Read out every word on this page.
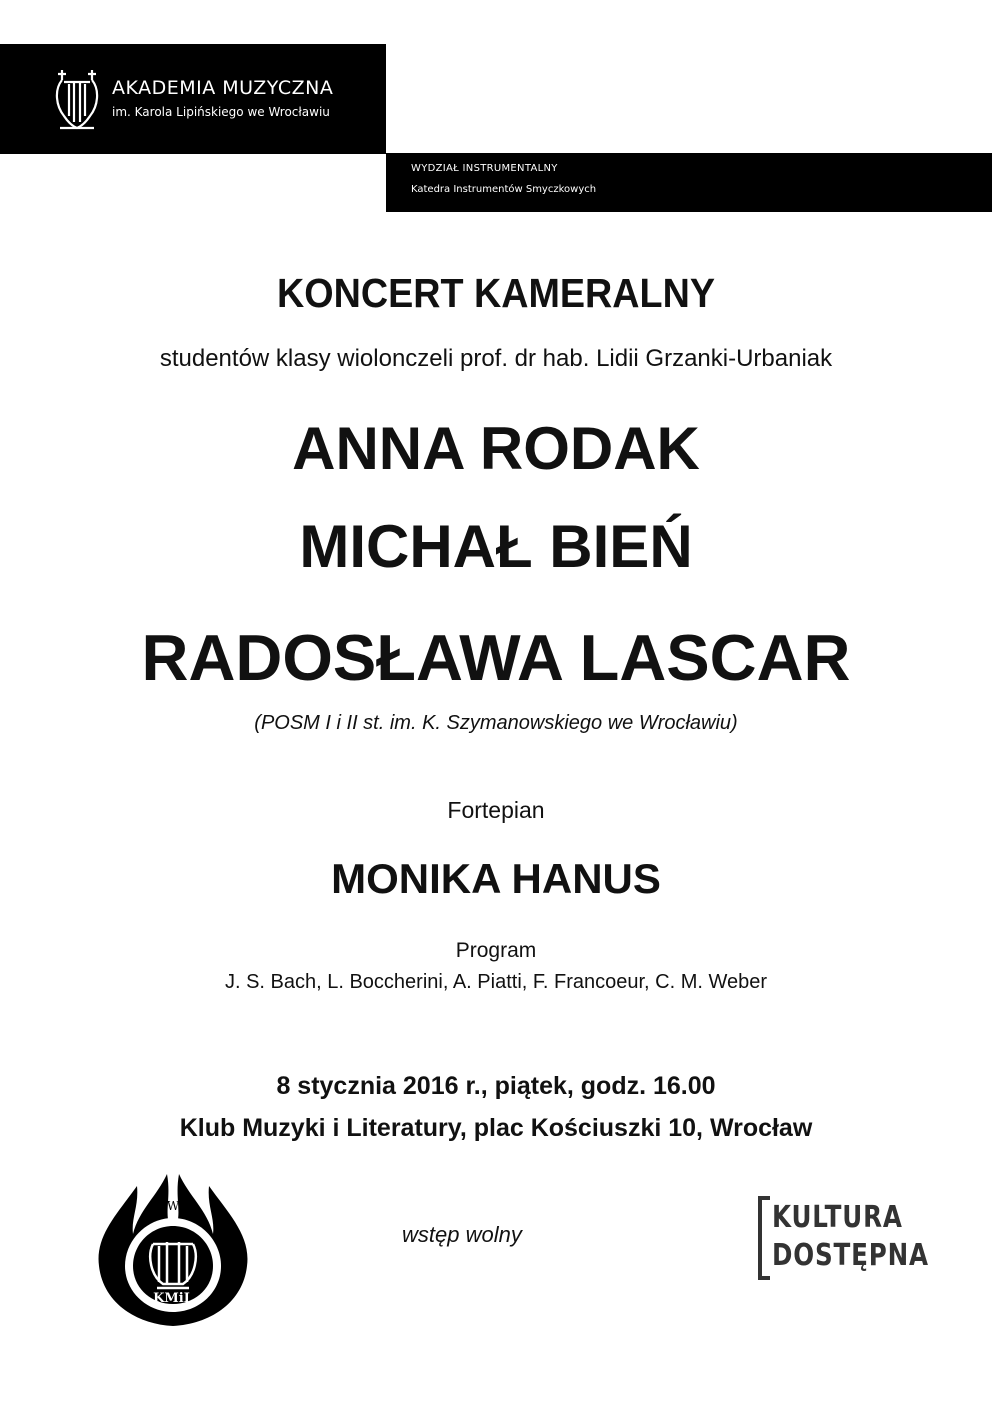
AKADEMIA MUZYCZNA
im. Karola Lipińskiego we Wrocławiu
WYDZIAŁ INSTRUMENTALNY
Katedra Instrumentów Smyczkowych
KONCERT KAMERALNY
studentów klasy wiolonczeli prof. dr hab. Lidii Grzanki-Urbaniak
ANNA RODAK
MICHAŁ BIEŃ
RADOSŁAWA LASCAR
(POSM I i II st. im. K. Szymanowskiego we Wrocławiu)
Fortepian
MONIKA HANUS
Program
J. S. Bach, L. Boccherini, A. Piatti, F. Francoeur, C. M. Weber
8 stycznia 2016 r., piątek, godz. 16.00
Klub Muzyki i Literatury, plac Kościuszki 10, Wrocław
W
KMiL
wstęp wolny	KULTURA
DOSTĘPNA
